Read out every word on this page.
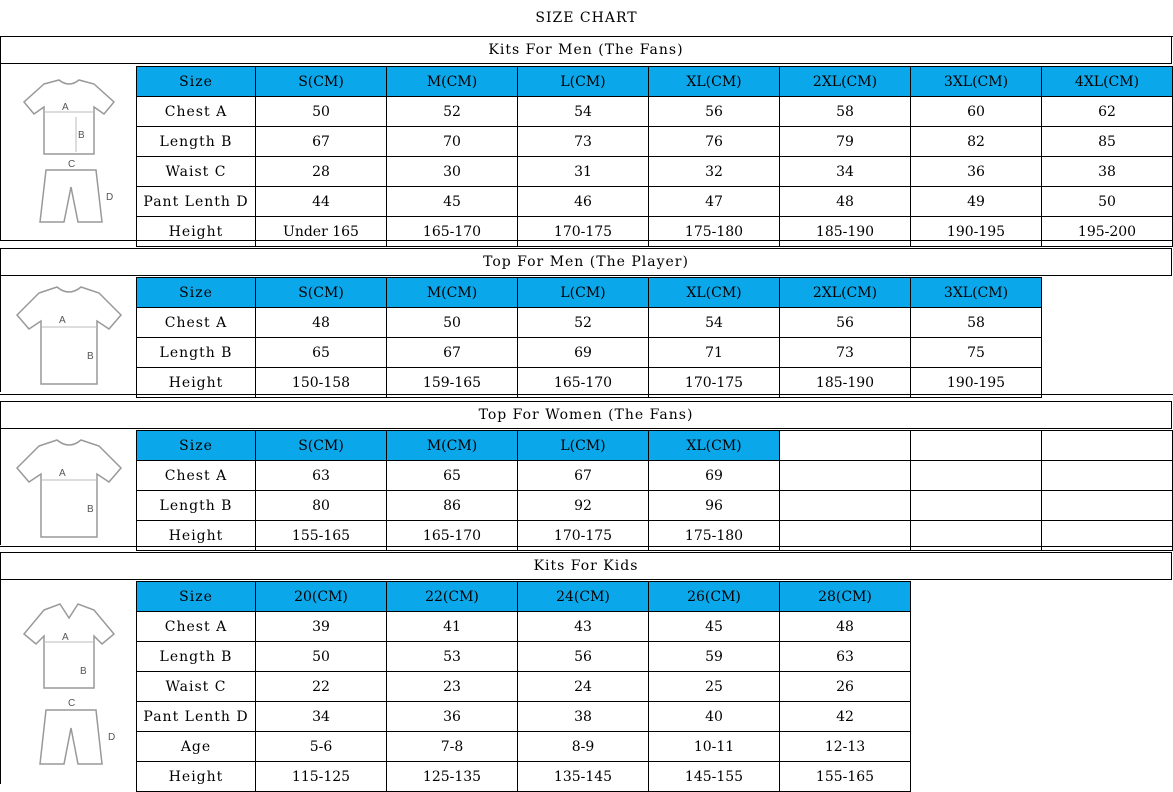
SIZE CHART
Kits For Men (The Fans)
A
B
C
D
Size	S(CM)	M(CM)	L(CM)	XL(CM)	2XL(CM)	3XL(CM)	4XL(CM)
Chest A	50	52	54	56	58	60	62
Length B	67	70	73	76	79	82	85
Waist C	28	30	31	32	34	36	38
Pant Lenth D	44	45	46	47	48	49	50
Height	Under 165	165-170	170-175	175-180	185-190	190-195	195-200
Top For Men (The Player)
A
B
Size	S(CM)	M(CM)	L(CM)	XL(CM)	2XL(CM)	3XL(CM)	
Chest A	48	50	52	54	56	58	
Length B	65	67	69	71	73	75	
Height	150-158	159-165	165-170	170-175	185-190	190-195	
Top For Women (The Fans)
A
B
Size	S(CM)	M(CM)	L(CM)	XL(CM)			
Chest A	63	65	67	69			
Length B	80	86	92	96			
Height	155-165	165-170	170-175	175-180			
Kits For Kids
A
B
C
D
Size	20(CM)	22(CM)	24(CM)	26(CM)	28(CM)		
Chest A	39	41	43	45	48		
Length B	50	53	56	59	63		
Waist C	22	23	24	25	26		
Pant Lenth D	34	36	38	40	42		
Age	5-6	7-8	8-9	10-11	12-13		
Height	115-125	125-135	135-145	145-155	155-165		
